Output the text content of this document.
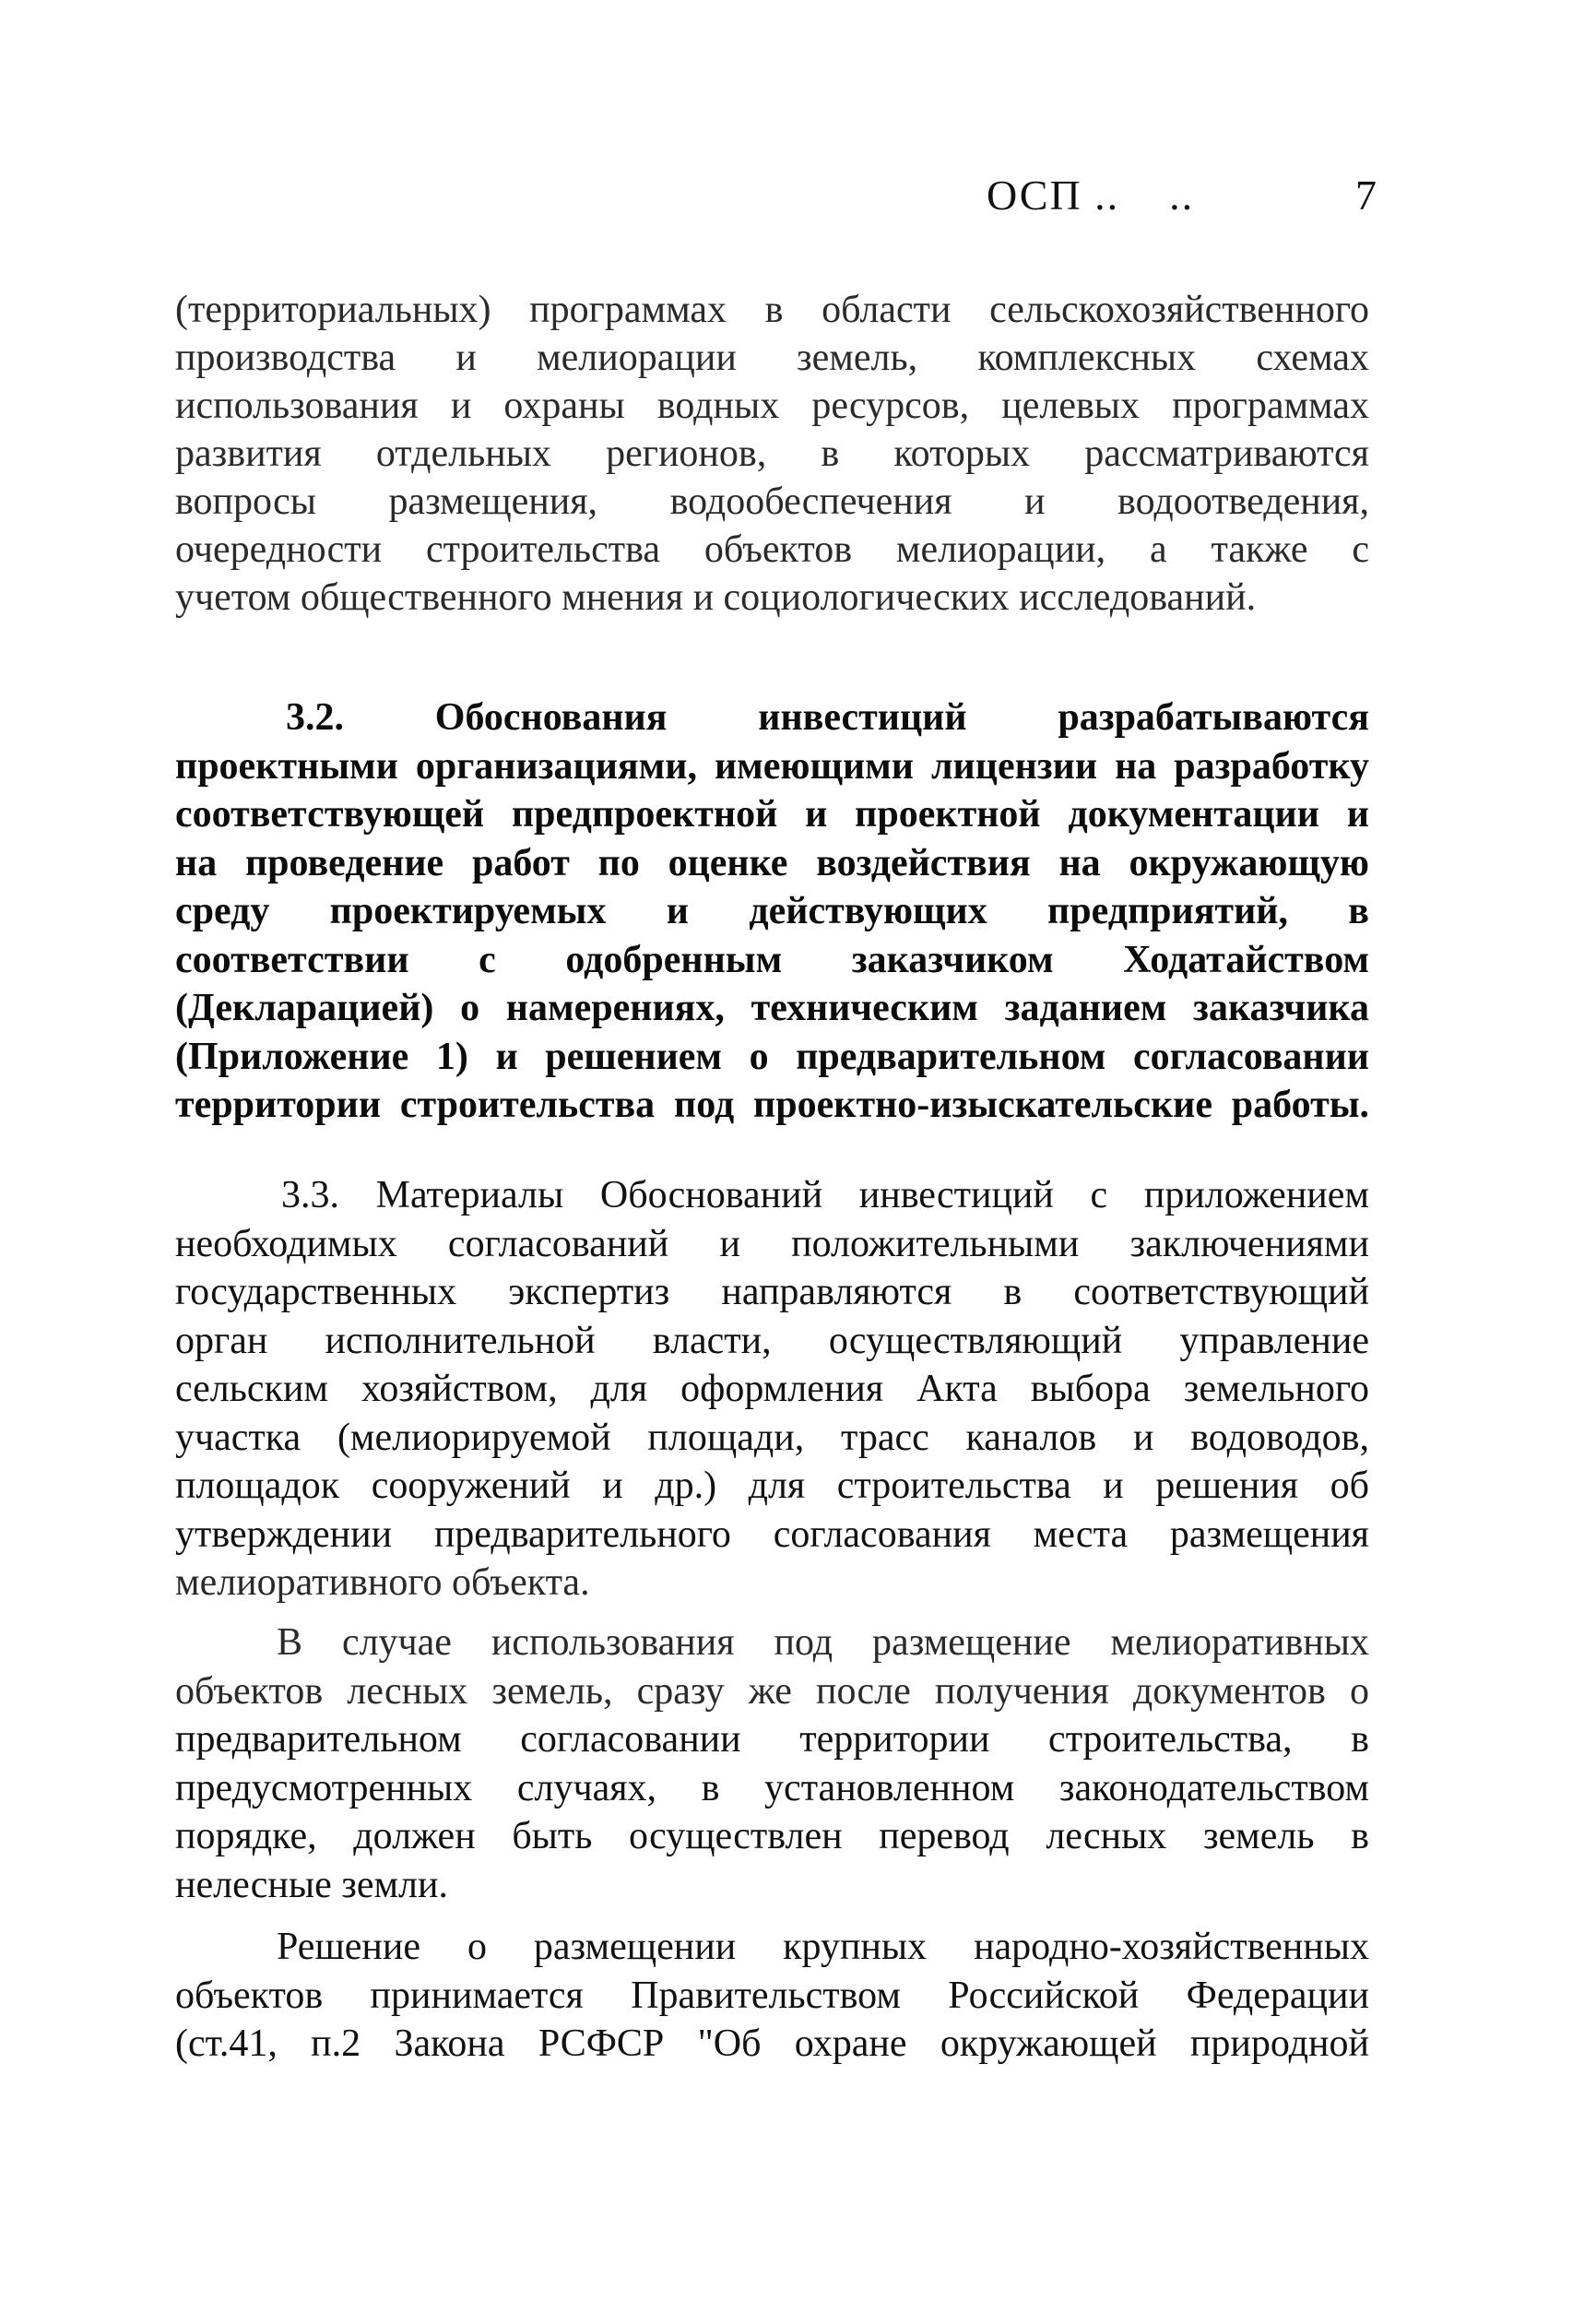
ОСП ..    ..	7
(территориальных) программах в области сельскохозяйственного
производства и мелиорации земель, комплексных схемах
использования и охраны водных ресурсов, целевых программах
развития отдельных регионов, в которых рассматриваются
вопросы размещения, водообеспечения и водоотведения,
очередности строительства объектов мелиорации, а также с
учетом общественного мнения и социологических исследований.
3.2. Обоснования инвестиций разрабатываются
проектными организациями, имеющими лицензии на разработку
соответствующей предпроектной и проектной документации и
на проведение работ по оценке воздействия на окружающую
среду проектируемых и действующих предприятий, в
соответствии с одобренным заказчиком Ходатайством
(Декларацией) о намерениях, техническим заданием заказчика
(Приложение 1) и решением о предварительном согласовании
территории строительства под проектно-изыскательские работы.
3.3. Материалы Обоснований инвестиций с приложением
необходимых согласований и положительными заключениями
государственных экспертиз направляются в соответствующий
орган исполнительной власти, осуществляющий управление
сельским хозяйством, для оформления Акта выбора земельного
участка (мелиорируемой площади, трасс каналов и водоводов,
площадок сооружений и др.) для строительства и решения об
утверждении предварительного согласования места размещения
мелиоративного объекта.
В случае использования под размещение мелиоративных
объектов лесных земель, сразу же после получения документов о
предварительном согласовании территории строительства, в
предусмотренных случаях, в установленном законодательством
порядке, должен быть осуществлен перевод лесных земель в
нелесные земли.
Решение о размещении крупных народно-хозяйственных
объектов принимается Правительством Российской Федерации
(ст.41, п.2 Закона РСФСР "Об охране окружающей природной
